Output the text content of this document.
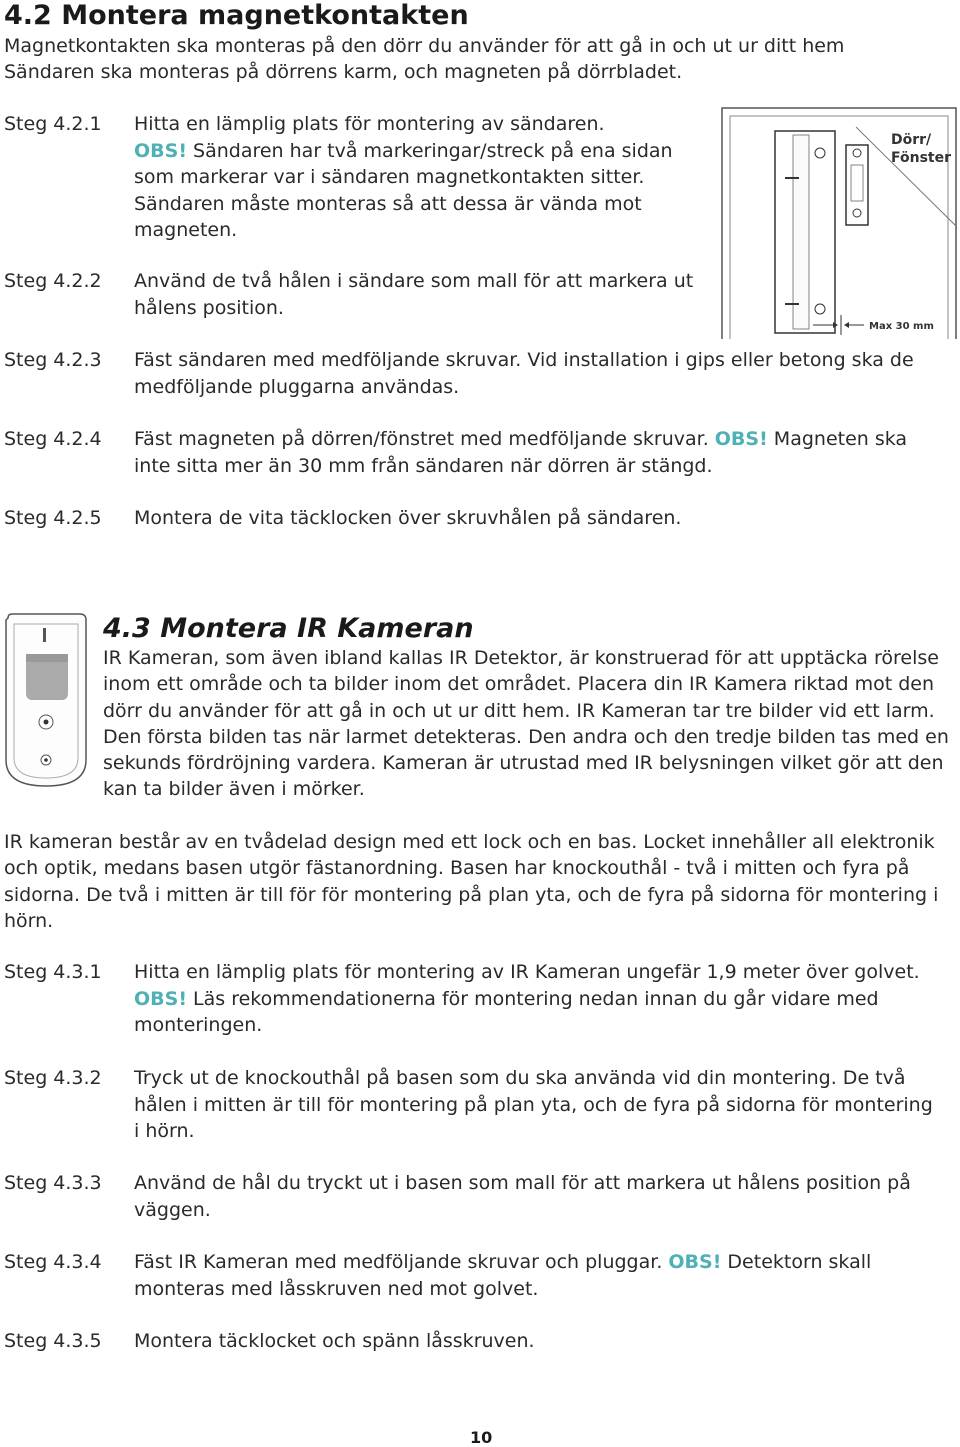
4.2 Montera magnetkontakten
Magnetkontakten ska monteras på den dörr du använder för att gå in och ut ur ditt hem
Sändaren ska monteras på dörrens karm, och magneten på dörrbladet.
Steg 4.2.1 Hitta en lämplig plats för montering av sändaren.
OBS! Sändaren har två markeringar/streck på ena sidan
som markerar var i sändaren magnetkontakten sitter.
Sändaren måste monteras så att dessa är vända mot
magneten.
Steg 4.2.2 Använd de två hålen i sändare som mall för att markera ut
hålens position.
Dörr/
Fönster
Max 30 mm
Steg 4.2.3 Fäst sändaren med medföljande skruvar. Vid installation i gips eller betong ska de
medföljande pluggarna användas.
Steg 4.2.4 Fäst magneten på dörren/fönstret med medföljande skruvar. OBS! Magneten ska
inte sitta mer än 30 mm från sändaren när dörren är stängd.
Steg 4.2.5 Montera de vita täcklocken över skruvhålen på sändaren.
4.3 Montera IR Kameran
IR Kameran, som även ibland kallas IR Detektor, är konstruerad för att upptäcka rörelse
inom ett område och ta bilder inom det området. Placera din IR Kamera riktad mot den
dörr du använder för att gå in och ut ur ditt hem. IR Kameran tar tre bilder vid ett larm.
Den första bilden tas när larmet detekteras. Den andra och den tredje bilden tas med en
sekunds fördröjning vardera. Kameran är utrustad med IR belysningen vilket gör att den
kan ta bilder även i mörker.
IR kameran består av en tvådelad design med ett lock och en bas. Locket innehåller all elektronik
och optik, medans basen utgör fästanordning. Basen har knockouthål - två i mitten och fyra på
sidorna. De två i mitten är till för för montering på plan yta, och de fyra på sidorna för montering i
hörn.
Steg 4.3.1 Hitta en lämplig plats för montering av IR Kameran ungefär 1,9 meter över golvet.
OBS! Läs rekommendationerna för montering nedan innan du går vidare med
monteringen.
Steg 4.3.2 Tryck ut de knockouthål på basen som du ska använda vid din montering. De två
hålen i mitten är till för montering på plan yta, och de fyra på sidorna för montering
i hörn.
Steg 4.3.3 Använd de hål du tryckt ut i basen som mall för att markera ut hålens position på
väggen.
Steg 4.3.4 Fäst IR Kameran med medföljande skruvar och pluggar. OBS! Detektorn skall
monteras med låsskruven ned mot golvet.
Steg 4.3.5 Montera täcklocket och spänn låsskruven.
10
